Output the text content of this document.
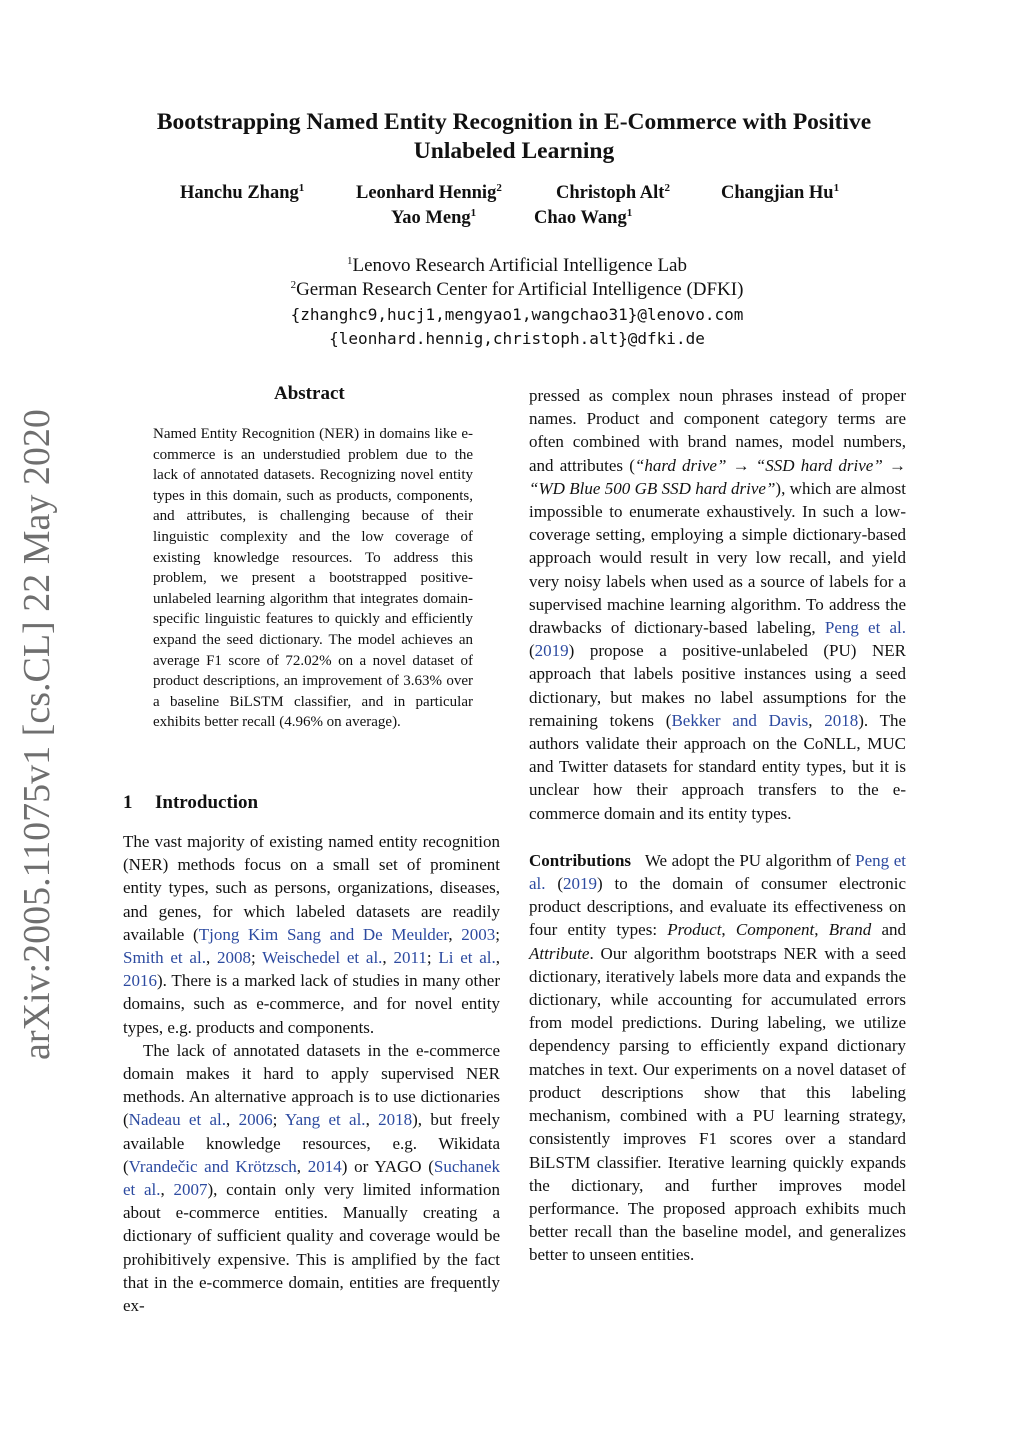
arXiv:2005.11075v1 [cs.CL] 22 May 2020
Bootstrapping Named Entity Recognition in E-Commerce with Positive Unlabeled Learning
Hanchu Zhang$^1$	Leonhard Hennig$^2$	Christoph Alt$^2$	Changjian Hu$^1$
Yao Meng$^1$	Chao Wang$^1$
$^1$Lenovo Research Artificial Intelligence Lab
$^2$German Research Center for Artificial Intelligence (DFKI)
{zhanghc9,hucj1,mengyao1,wangchao31}@lenovo.com
{leonhard.hennig,christoph.alt}@dfki.de
Abstract
Named Entity Recognition (NER) in domains like e-commerce is an understudied problem due to the lack of annotated datasets. Recognizing novel entity types in this domain, such as products, components, and attributes, is challenging because of their linguistic complexity and the low coverage of existing knowledge resources. To address this problem, we present a bootstrapped positive-unlabeled learning algorithm that integrates domain-specific linguistic features to quickly and efficiently expand the seed dictionary. The model achieves an average F1 score of 72.02% on a novel dataset of product descriptions, an improvement of 3.63% over a baseline BiLSTM classifier, and in particular exhibits better recall (4.96% on average).
1 Introduction

The vast majority of existing named entity recognition (NER) methods focus on a small set of prominent entity types, such as persons, organizations, diseases, and genes, for which labeled datasets are readily available (Tjong Kim Sang and De Meulder, 2003; Smith et al., 2008; Weischedel et al., 2011; Li et al., 2016). There is a marked lack of studies in many other domains, such as e-commerce, and for novel entity types, e.g. products and components.

The lack of annotated datasets in the e-commerce domain makes it hard to apply supervised NER methods. An alternative approach is to use dictionaries (Nadeau et al., 2006; Yang et al., 2018), but freely available knowledge resources, e.g. Wikidata (Vrandečic and Krötzsch, 2014) or YAGO (Suchanek et al., 2007), contain only very limited information about e-commerce entities. Manually creating a dictionary of sufficient quality and coverage would be prohibitively expensive. This is amplified by the fact that in the e-commerce domain, entities are frequently ex-

pressed as complex noun phrases instead of proper names. Product and component category terms are often combined with brand names, model numbers, and attributes (“hard drive” → “SSD hard drive” → “WD Blue 500 GB SSD hard drive”), which are almost impossible to enumerate exhaustively. In such a low-coverage setting, employing a simple dictionary-based approach would result in very low recall, and yield very noisy labels when used as a source of labels for a supervised machine learning algorithm. To address the drawbacks of dictionary-based labeling, Peng et al. (2019) propose a positive-unlabeled (PU) NER approach that labels positive instances using a seed dictionary, but makes no label assumptions for the remaining tokens (Bekker and Davis, 2018). The authors validate their approach on the CoNLL, MUC and Twitter datasets for standard entity types, but it is unclear how their approach transfers to the e-commerce domain and its entity types.

Contributions We adopt the PU algorithm of Peng et al. (2019) to the domain of consumer electronic product descriptions, and evaluate its effectiveness on four entity types: Product, Component, Brand and Attribute. Our algorithm bootstraps NER with a seed dictionary, iteratively labels more data and expands the dictionary, while accounting for accumulated errors from model predictions. During labeling, we utilize dependency parsing to efficiently expand dictionary matches in text. Our experiments on a novel dataset of product descriptions show that this labeling mechanism, combined with a PU learning strategy, consistently improves F1 scores over a standard BiLSTM classifier. Iterative learning quickly expands the dictionary, and further improves model performance. The proposed approach exhibits much better recall than the baseline model, and generalizes better to unseen entities.
